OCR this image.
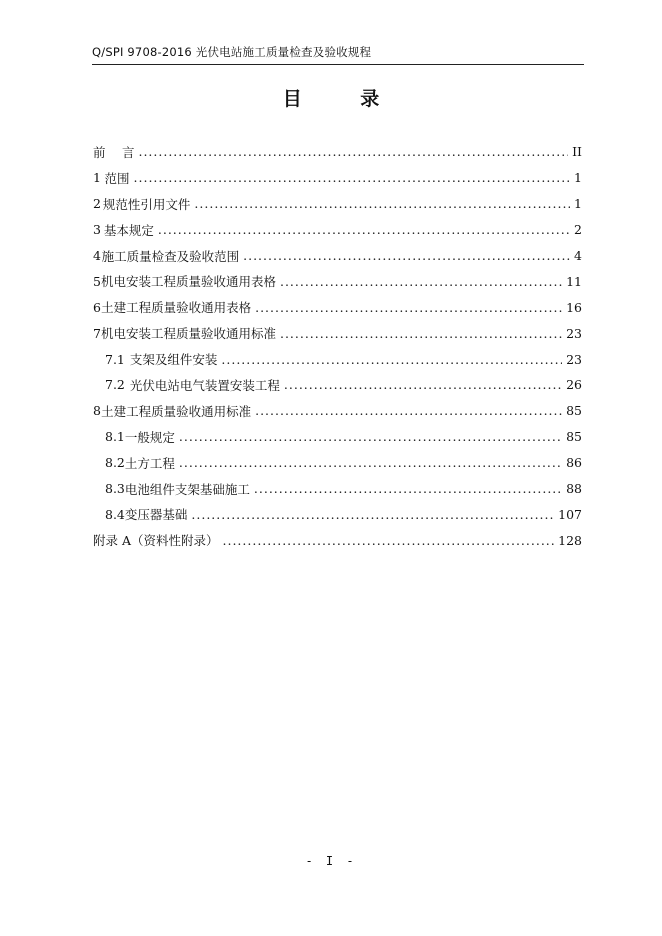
Q/SPI 9708-2016 光伏电站施工质量检查及验收规程
目 录
前　 言 .....	II
1 范围 .....	1
2 规范性引用文件 .....	1
3 基本规定 .....	2
4 施工质量检查及验收范围 .....	4
5 机电安装工程质量验收通用表格 .....	11
6 土建工程质量验收通用表格 .....	16
7 机电安装工程质量验收通用标准 .....	23
7.1 支架及组件安装 .....	23
7.2 光伏电站电气装置安装工程 .....	26
8 土建工程质量验收通用标准 .....	85
8.1 一般规定 .....	85
8.2 土方工程 .....	86
8.3 电池组件支架基础施工 .....	88
8.4 变压器基础 .....	107
附录 A（资料性附录） .....	128
- I -
